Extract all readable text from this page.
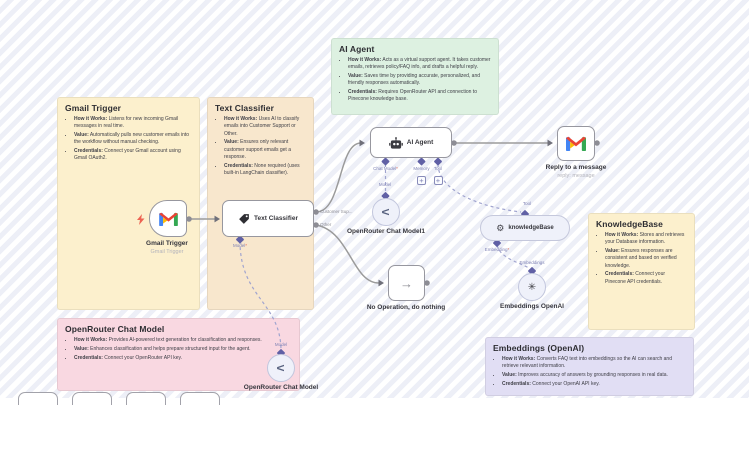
Gmail Trigger
• How it Works: Listens for new incoming Gmail messages in real time.
• Value: Automatically pulls new customer emails into the workflow without manual checking.
• Credentials: Connect your Gmail account using Gmail OAuth2.
Text Classifier
• How it Works: Uses AI to classify emails into Customer Support or Other.
• Value: Ensures only relevant customer support emails get a response.
• Credentials: None required (uses built-in LangChain classifier).
AI Agent
• How it Works: Acts as a virtual support agent. It takes customer emails, retrieves policy/FAQ info, and drafts a helpful reply.
• Value: Saves time by providing accurate, personalized, and friendly responses automatically.
• Credentials: Requires OpenRouter API and connection to Pinecone knowledge base.
KnowledgeBase
• How it Works: Stores and retrieves your Database information.
• Value: Ensures responses are consistent and based on verified knowledge.
• Credentials: Connect your Pinecone API credentials.
Embeddings (OpenAI)
• How it Works: Converts FAQ text into embeddings so the AI can search and retrieve relevant information.
• Value: Improves accuracy of answers by grounding responses in real data.
• Credentials: Connect your OpenAI API key.
OpenRouter Chat Model
• How it Works: Provides AI-powered text generation for classification and responses.
• Value: Enhances classification and helps prepare structured input for the agent.
• Credentials: Connect your OpenRouter API key.
Gmail Trigger
Gmail Trigger
Text Classifier
Customer Sup...
Other
Model*
AI Agent
Chat Model*	Memory Tool
+	+
Model
<
OpenRouter Chat Model1
Reply to a message
reply: message
→
No Operation, do nothing
Tool
⚙ knowledgeBase
Embedding*
Embeddings
✳
Embeddings OpenAI
Model
<
OpenRouter Chat Model
